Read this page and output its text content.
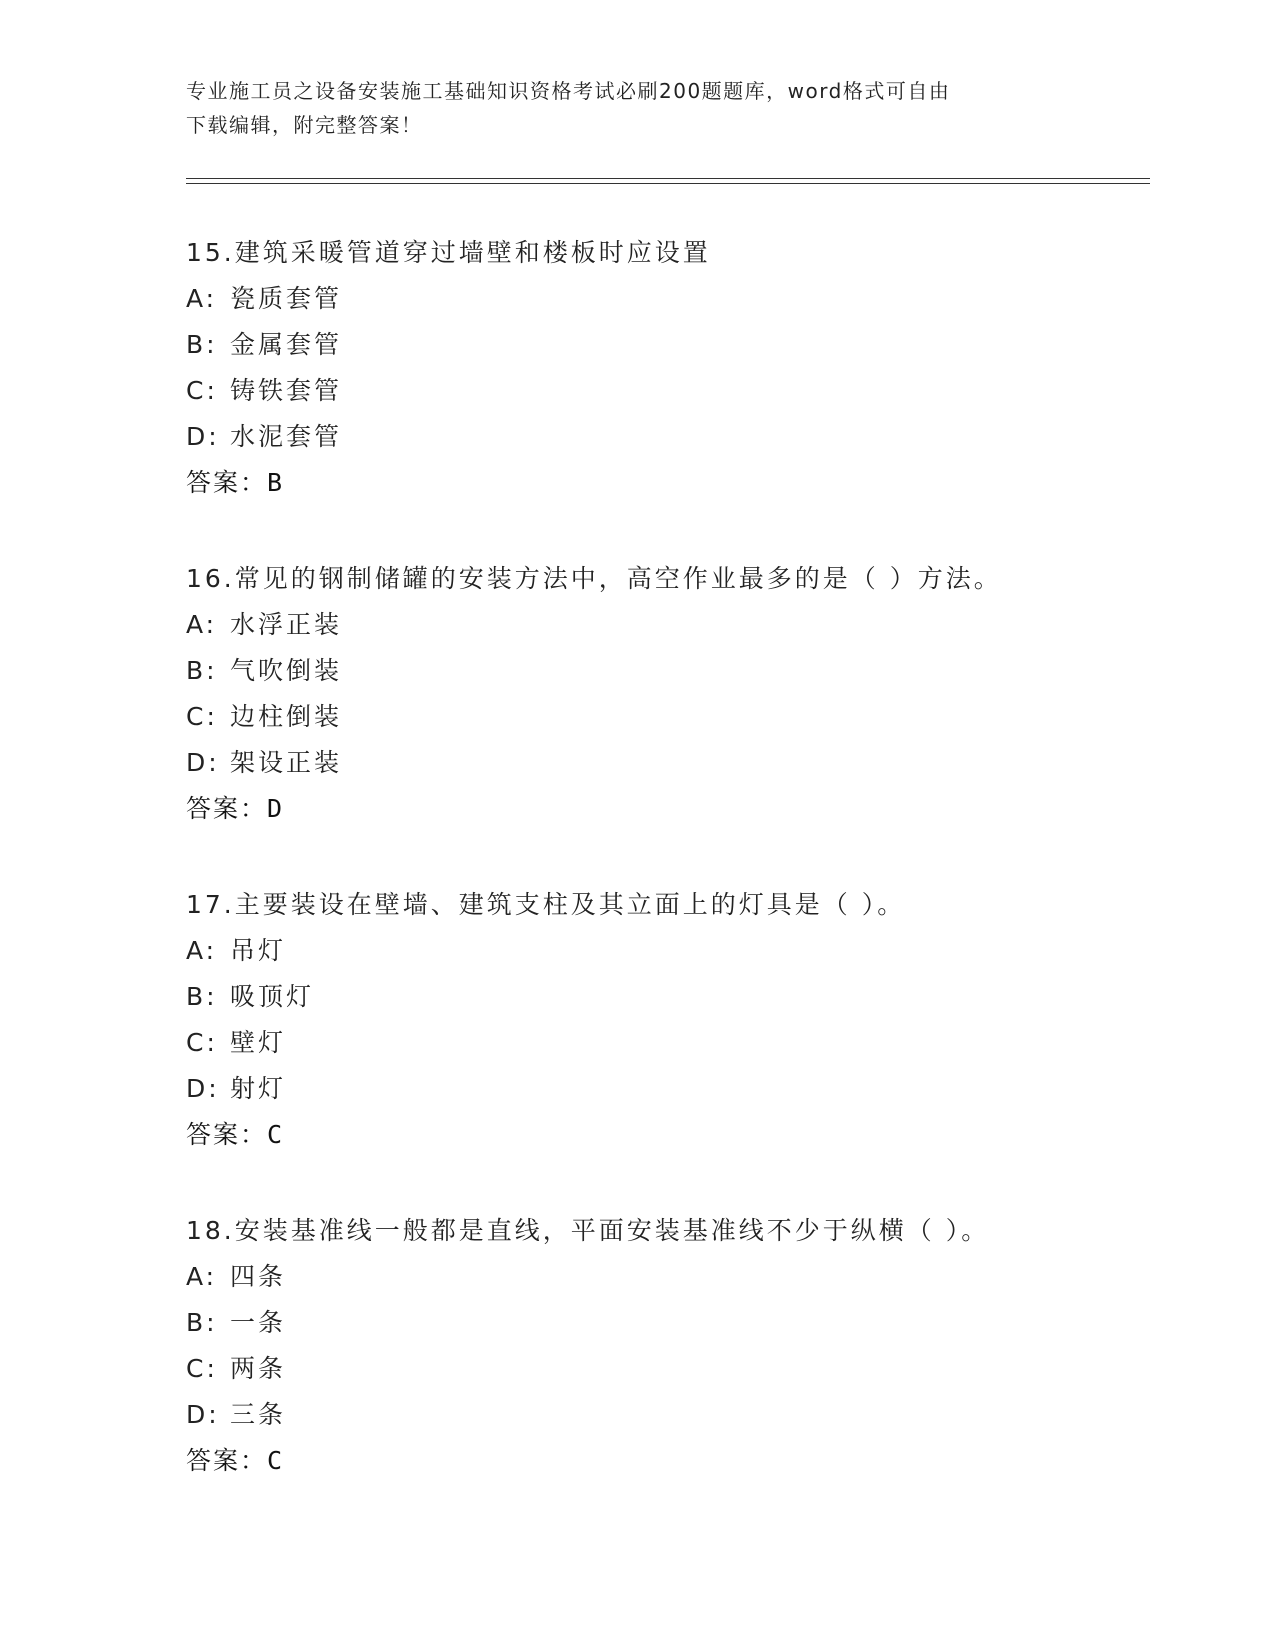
专业施工员之设备安装施工基础知识资格考试必刷200题题库，word格式可自由
下载编辑，附完整答案！
15.建筑采暖管道穿过墙壁和楼板时应设置
A: 瓷质套管
B: 金属套管
C: 铸铁套管
D: 水泥套管
答案：B
16.常见的钢制储罐的安装方法中，高空作业最多的是（ ）方法。
A: 水浮正装
B: 气吹倒装
C: 边柱倒装
D: 架设正装
答案：D
17.主要装设在壁墙、建筑支柱及其立面上的灯具是（ ）。
A: 吊灯
B: 吸顶灯
C: 壁灯
D: 射灯
答案：C
18.安装基准线一般都是直线，平面安装基准线不少于纵横（ ）。
A: 四条
B: 一条
C: 两条
D: 三条
答案：C
